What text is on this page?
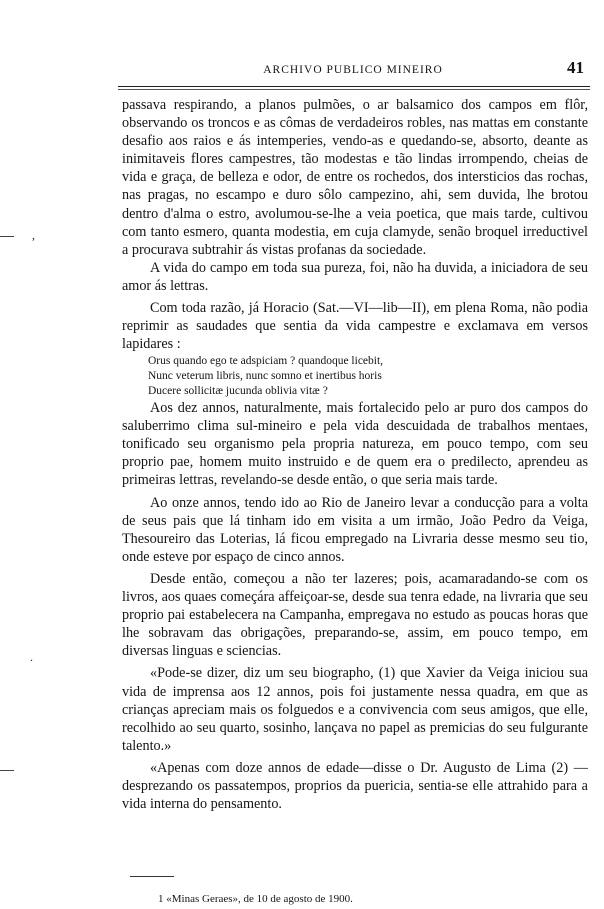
ARCHIVO PUBLICO MINEIRO	41

passava respirando, a planos pulmões, o ar balsamico dos campos em flôr, observando os troncos e as cômas de verdadeiros robles, nas mattas em constante desafio aos raios e ás intemperies, vendo-as e quedando-se, absorto, deante as inimitaveis flores campestres, tão modestas e tão lindas irrompendo, cheias de vida e graça, de belleza e odor, de entre os rochedos, dos intersticios das rochas, nas pragas, no escampo e duro sôlo campezino, ahi, sem duvida, lhe brotou dentro d'alma o estro, avolumou-se-lhe a veia poetica, que mais tarde, cultivou com tanto esmero, quanta modestia, em cuja clamyde, senão broquel irreductivel a procurava subtrahir ás vistas profanas da sociedade.

A vida do campo em toda sua pureza, foi, não ha duvida, a iniciadora de seu amor ás lettras.

Com toda razão, já Horacio (Sat.—VI—lib—II), em plena Roma, não podia reprimir as saudades que sentia da vida campestre e exclamava em versos lapidares :

Orus quando ego te adspiciam ? quandoque licebit,
Nunc veterum libris, nunc somno et inertibus horis
Ducere sollicitæ jucunda oblivia vitæ ?

Aos dez annos, naturalmente, mais fortalecido pelo ar puro dos campos do saluberrimo clima sul-mineiro e pela vida descuidada de trabalhos mentaes, tonificado seu organismo pela propria natureza, em pouco tempo, com seu proprio pae, homem muito instruido e de quem era o predilecto, aprendeu as primeiras lettras, revelando-se desde então, o que seria mais tarde.

Ao onze annos, tendo ido ao Rio de Janeiro levar a conducção para a volta de seus pais que lá tinham ido em visita a um irmão, João Pedro da Veiga, Thesoureiro das Loterias, lá ficou empregado na Livraria desse mesmo seu tio, onde esteve por espaço de cinco annos.

Desde então, começou a não ter lazeres; pois, acamaradando-se com os livros, aos quaes começára affeiçoar-se, desde sua tenra edade, na livraria que seu proprio pai estabelecera na Campanha, empregava no estudo as poucas horas que lhe sobravam das obrigações, preparando-se, assim, em pouco tempo, em diversas linguas e sciencias.

«Pode-se dizer, diz um seu biographo, (1) que Xavier da Veiga iniciou sua vida de imprensa aos 12 annos, pois foi justamente nessa quadra, em que as crianças apreciam mais os folguedos e a convivencia com seus amigos, que elle, recolhido ao seu quarto, sosinho, lançava no papel as premicias do seu fulgurante talento.»

«Apenas com doze annos de edade—disse o Dr. Augusto de Lima (2) —desprezando os passatempos, proprios da puericia, sentia-se elle attrahido para a vida interna do pensamento.

1 «Minas Geraes», de 10 de agosto de 1900.
,
.
